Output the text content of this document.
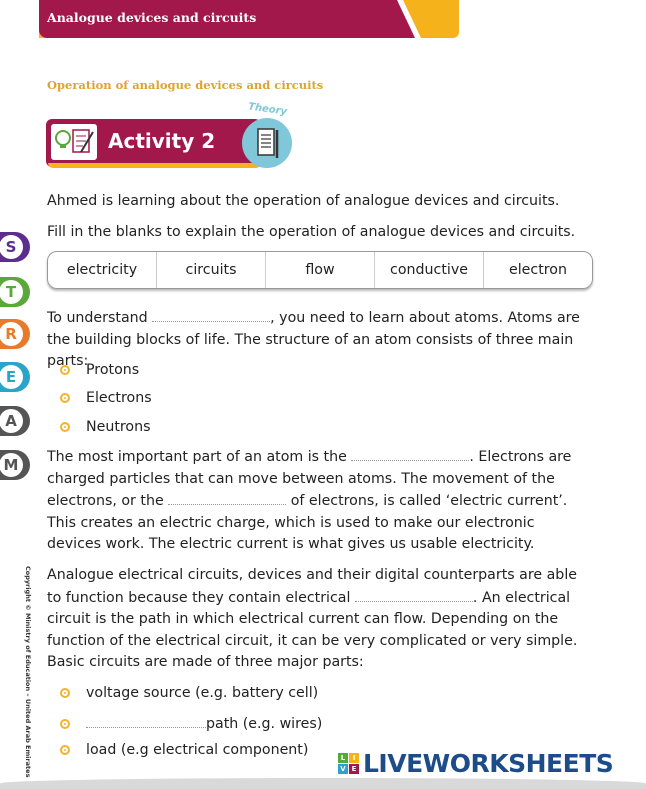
Analogue devices and circuits
Operation of analogue devices and circuits
Activity 2
Theory
S
T
R
E
A
M
Ahmed is learning about the operation of analogue devices and circuits.
Fill in the blanks to explain the operation of analogue devices and circuits.
electricity	circuits	flow	conductive	electron
To understand	, you need to learn about atoms. Atoms are the building blocks of life. The structure of an atom consists of three main parts:
Protons
Electrons
Neutrons
The most important part of an atom is the	. Electrons are charged particles that can move between atoms. The movement of the electrons, or the	of electrons, is called ‘electric current’. This creates an electric charge, which is used to make our electronic devices work. The electric current is what gives us usable electricity.
Analogue electrical circuits, devices and their digital counterparts are able to function because they contain electrical	. An electrical circuit is the path in which electrical current can flow. Depending on the function of the electrical circuit, it can be very complicated or very simple. Basic circuits are made of three major parts:
voltage source (e.g. battery cell)
path (e.g. wires)
load (e.g electrical component)
Copyright © Ministry of Education – United Arab Emirates	L	I
V E LIVEWORKSHEETS
